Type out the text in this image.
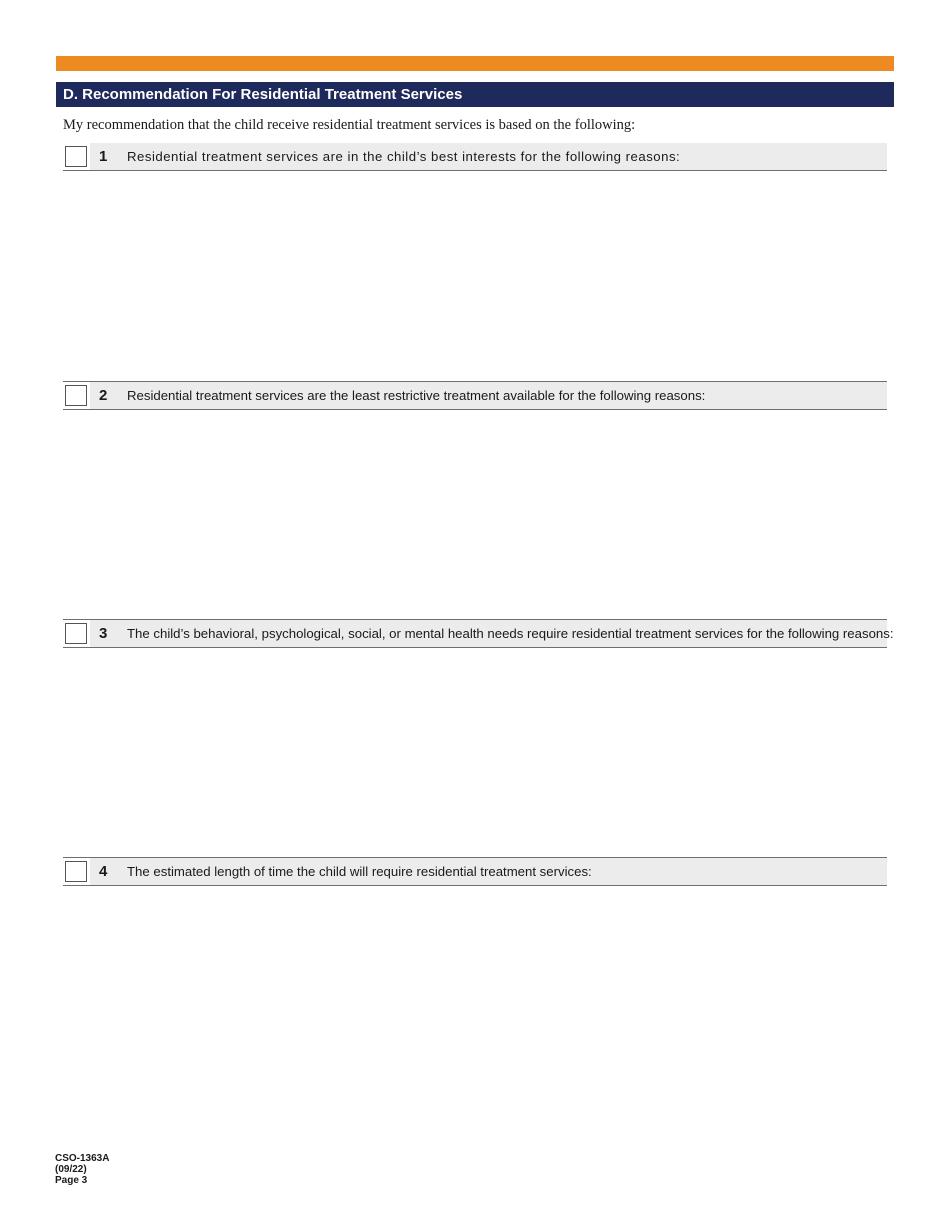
D. Recommendation For Residential Treatment Services
My recommendation that the child receive residential treatment services is based on the following:
1 Residential treatment services are in the child’s best interests for the following reasons:
2 Residential treatment services are the least restrictive treatment available for the following reasons:
3 The child’s behavioral, psychological, social, or mental health needs require residential treatment services for the following reasons:
4 The estimated length of time the child will require residential treatment services:
CSO-1363A
(09/22)
Page 3
